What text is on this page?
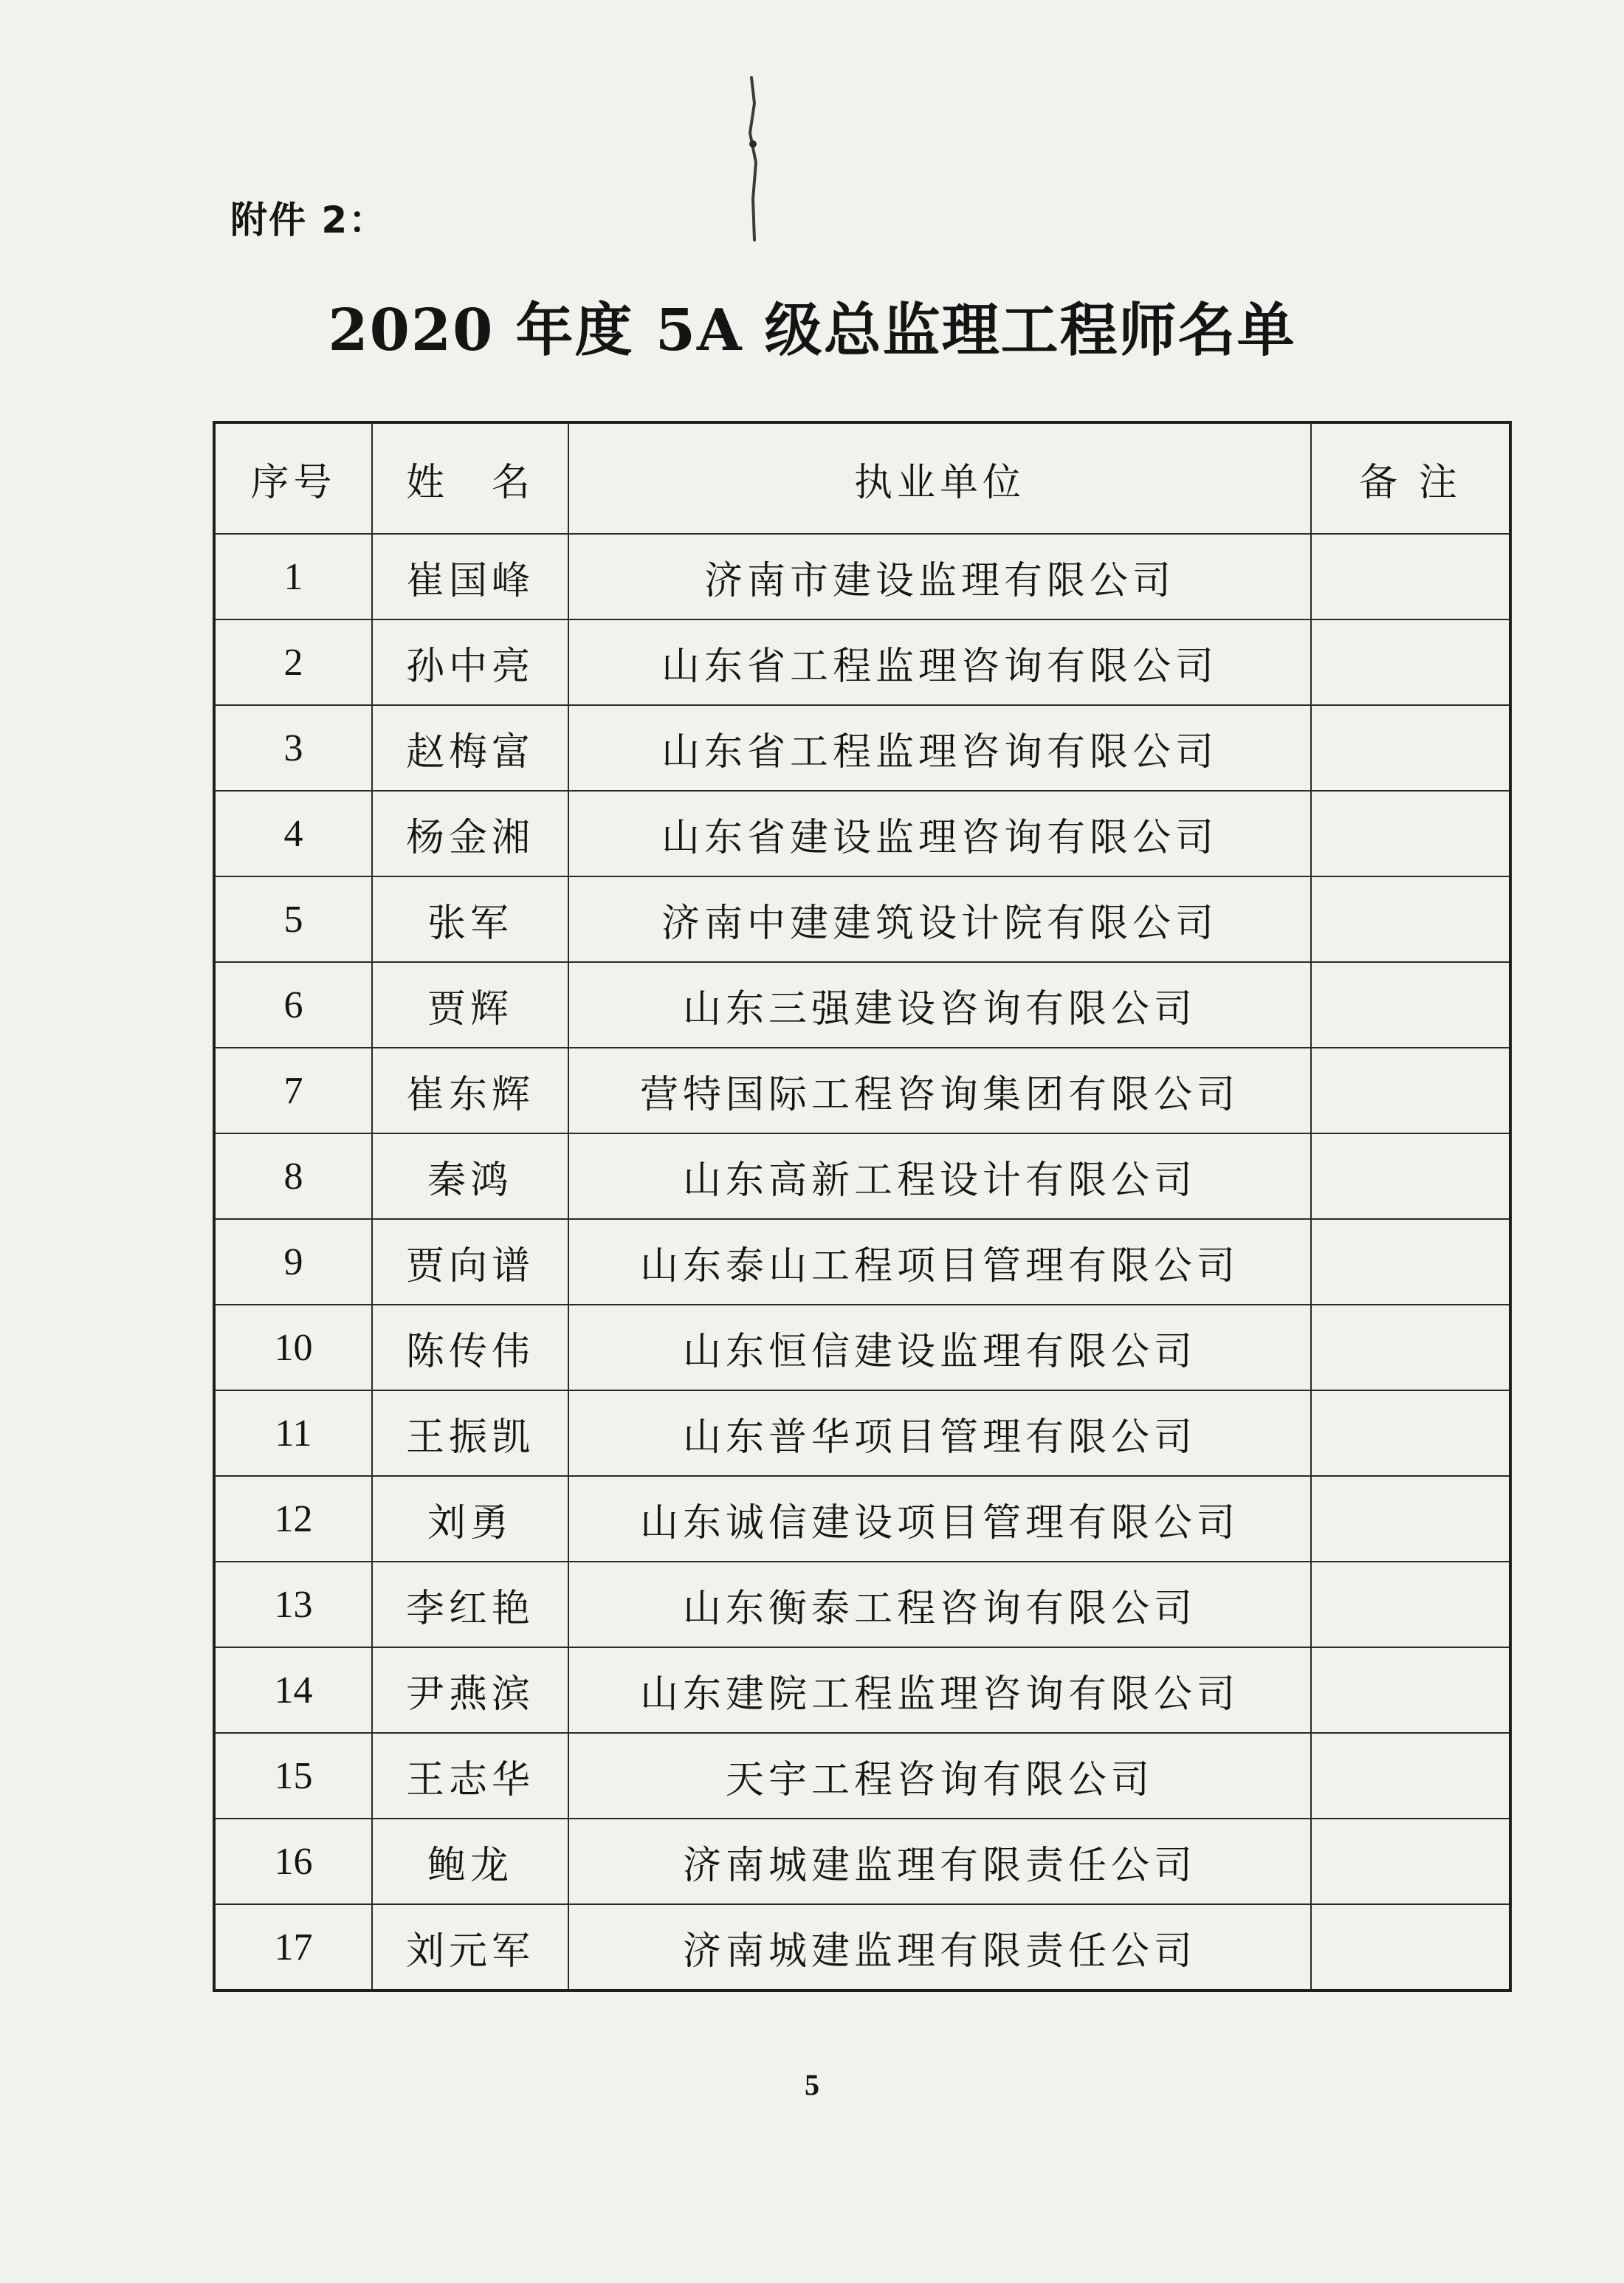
附件 2：
2020 年度 5A 级总监理工程师名单
序号	姓　名	执业单位	备 注
1	崔国峰	济南市建设监理有限公司	
2	孙中亮	山东省工程监理咨询有限公司	
3	赵梅富	山东省工程监理咨询有限公司	
4	杨金湘	山东省建设监理咨询有限公司	
5	张军	济南中建建筑设计院有限公司	
6	贾辉	山东三强建设咨询有限公司	
7	崔东辉	营特国际工程咨询集团有限公司	
8	秦鸿	山东高新工程设计有限公司	
9	贾向谱	山东泰山工程项目管理有限公司	
10	陈传伟	山东恒信建设监理有限公司	
11	王振凯	山东普华项目管理有限公司	
12	刘勇	山东诚信建设项目管理有限公司	
13	李红艳	山东衡泰工程咨询有限公司	
14	尹燕滨	山东建院工程监理咨询有限公司	
15	王志华	天宇工程咨询有限公司	
16	鲍龙	济南城建监理有限责任公司	
17	刘元军	济南城建监理有限责任公司	
5
